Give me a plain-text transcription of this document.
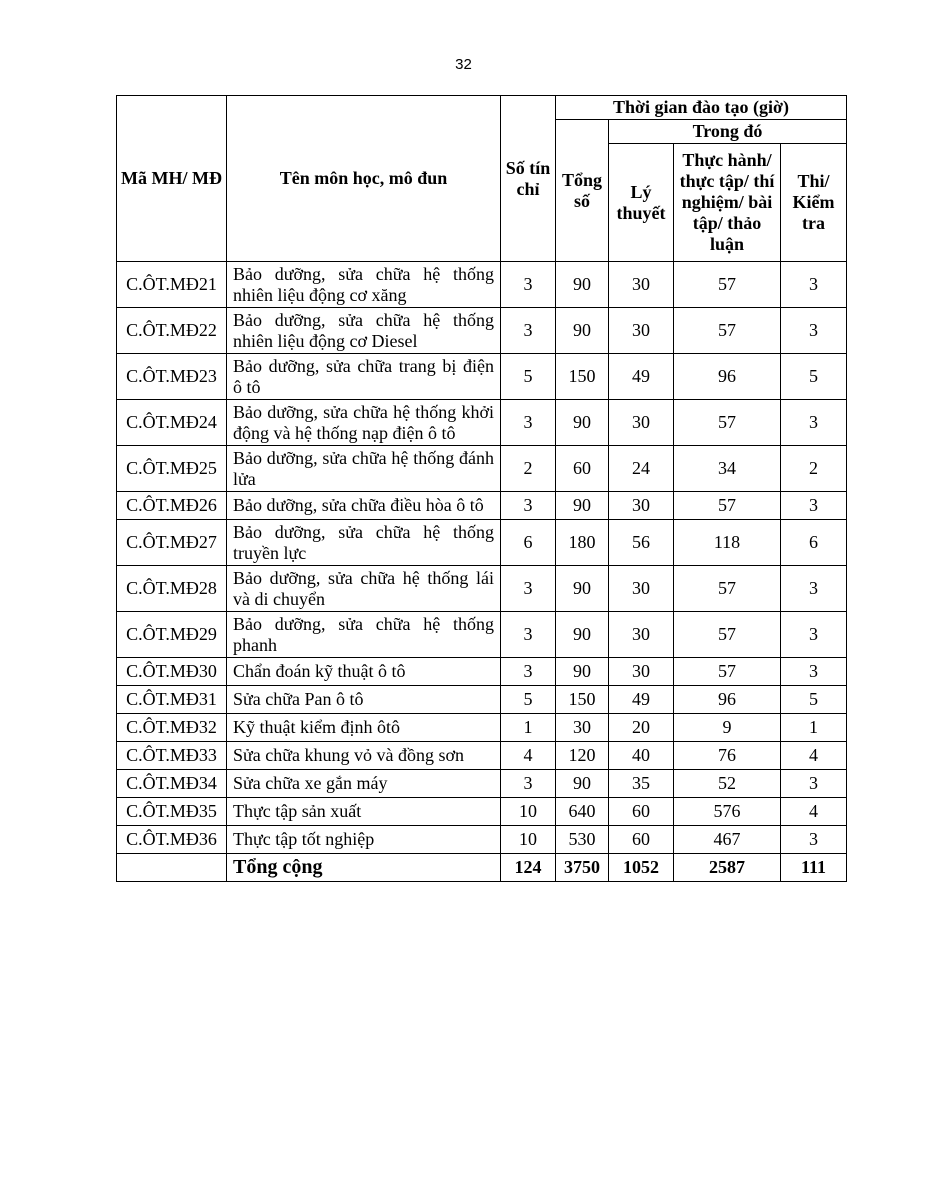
32
Mã MH/ MĐ	Tên môn học, mô đun	Số tín chỉ	Thời gian đào tạo (giờ)			
			Tổng số	Trong đó		
				Lý thuyết	Thực hành/ thực tập/ thí nghiệm/ bài tập/ thảo luận	Thi/ Kiểm tra
C.ÔT.MĐ21	Bảo dưỡng, sửa chữa hệ thống nhiên liệu động cơ xăng	3	90	30	57	3
C.ÔT.MĐ22	Bảo dưỡng, sửa chữa hệ thống nhiên liệu động cơ Diesel	3	90	30	57	3
C.ÔT.MĐ23	Bảo dưỡng, sửa chữa trang bị điện ô tô	5	150	49	96	5
C.ÔT.MĐ24	Bảo dưỡng, sửa chữa hệ thống khởi động và hệ thống nạp điện ô tô	3	90	30	57	3
C.ÔT.MĐ25	Bảo dưỡng, sửa chữa hệ thống đánh lửa	2	60	24	34	2
C.ÔT.MĐ26	Bảo dưỡng, sửa chữa điều hòa ô tô	3	90	30	57	3
C.ÔT.MĐ27	Bảo dưỡng, sửa chữa hệ thống truyền lực	6	180	56	118	6
C.ÔT.MĐ28	Bảo dưỡng, sửa chữa hệ thống lái và di chuyển	3	90	30	57	3
C.ÔT.MĐ29	Bảo dưỡng, sửa chữa hệ thống phanh	3	90	30	57	3
C.ÔT.MĐ30	Chẩn đoán kỹ thuật ô tô	3	90	30	57	3
C.ÔT.MĐ31	Sửa chữa Pan ô tô	5	150	49	96	5
C.ÔT.MĐ32	Kỹ thuật kiểm định ôtô	1	30	20	9	1
C.ÔT.MĐ33	Sửa chữa khung vỏ và đồng sơn	4	120	40	76	4
C.ÔT.MĐ34	Sửa chữa xe gắn máy	3	90	35	52	3
C.ÔT.MĐ35	Thực tập sản xuất	10	640	60	576	4
C.ÔT.MĐ36	Thực tập tốt nghiệp	10	530	60	467	3
	Tổng cộng	124	3750	1052	2587	111
